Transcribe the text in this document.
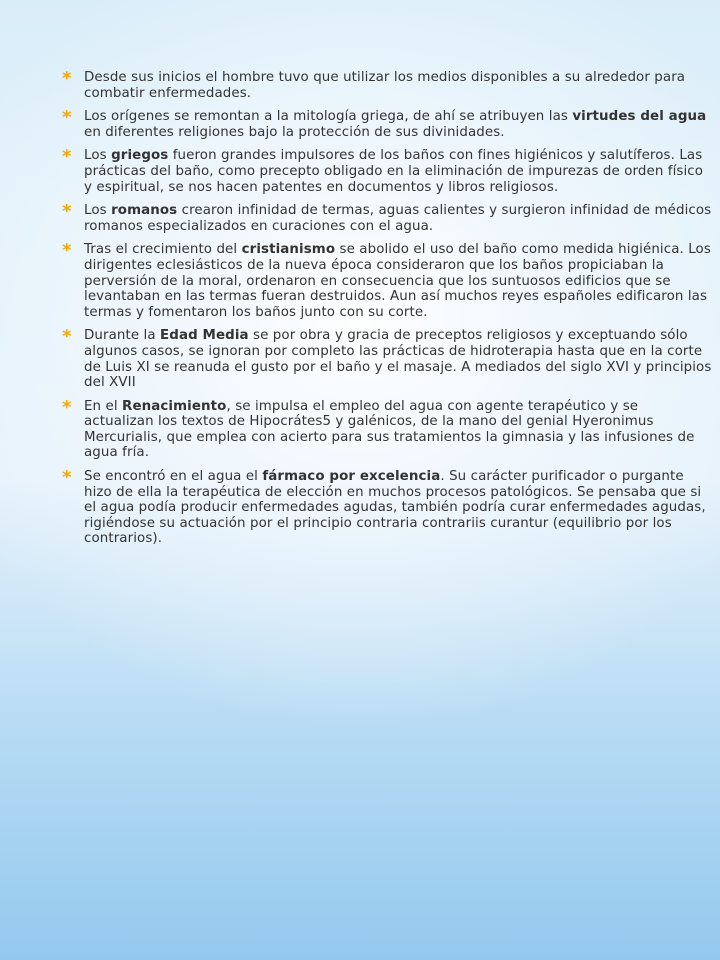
* Desde sus inicios el hombre tuvo que utilizar los medios disponibles a su alrededor para combatir enfermedades.
* Los orígenes se remontan a la mitología griega, de ahí se atribuyen las virtudes del agua en diferentes religiones bajo la protección de sus divinidades.
* Los griegos fueron grandes impulsores de los baños con fines higiénicos y salutíferos. Las prácticas del baño, como precepto obligado en la eliminación de impurezas de orden físico y espiritual, se nos hacen patentes en documentos y libros religiosos.
* Los romanos crearon infinidad de termas, aguas calientes y surgieron infinidad de médicos romanos especializados en curaciones con el agua.
* Tras el crecimiento del cristianismo se abolido el uso del baño como medida higiénica. Los dirigentes eclesiásticos de la nueva época consideraron que los baños propiciaban la perversión de la moral, ordenaron en consecuencia que los suntuosos edificios que se levantaban en las termas fueran destruidos. Aun así muchos reyes españoles edificaron las termas y fomentaron los baños junto con su corte.
* Durante la Edad Media se por obra y gracia de preceptos religiosos y exceptuando sólo algunos casos, se ignoran por completo las prácticas de hidroterapia hasta que en la corte de Luis XI se reanuda el gusto por el baño y el masaje. A mediados del siglo XVI y principios del XVII
* En el Renacimiento, se impulsa el empleo del agua con agente terapéutico y se actualizan los textos de Hipocrátes5 y galénicos, de la mano del genial Hyeronimus Mercurialis, que emplea con acierto para sus tratamientos la gimnasia y las infusiones de agua fría.
* Se encontró en el agua el fármaco por excelencia. Su carácter purificador o purgante hizo de ella la terapéutica de elección en muchos procesos patológicos. Se pensaba que si el agua podía producir enfermedades agudas, también podría curar enfermedades agudas, rigiéndose su actuación por el principio contraria contrariis curantur (equilibrio por los contrarios).
